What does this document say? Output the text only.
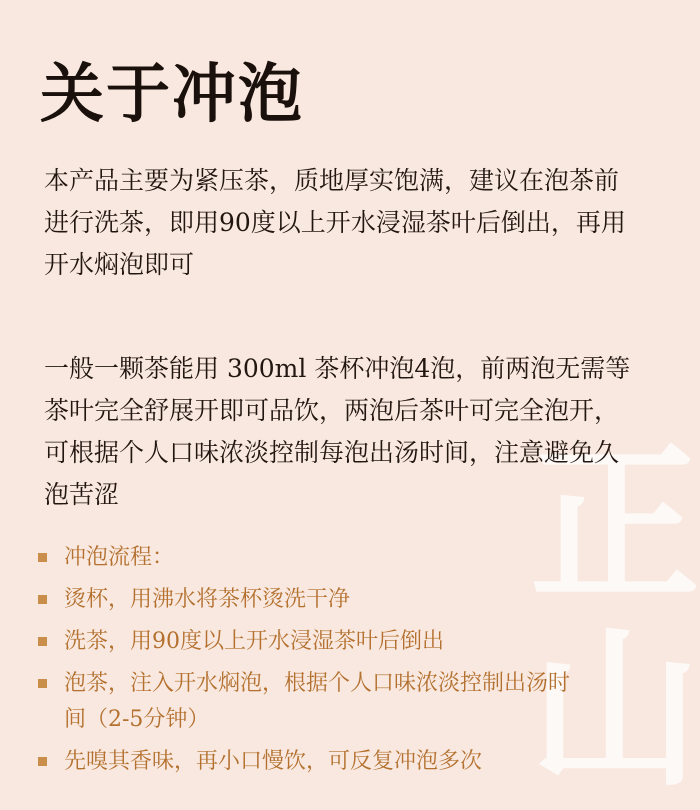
正
山
关于冲泡

本产品主要为紧压茶，质地厚实饱满，建议在泡茶前进行洗茶，即用90度以上开水浸湿茶叶后倒出，再用开水焖泡即可

一般一颗茶能用 300ml 茶杯冲泡4泡，前两泡无需等茶叶完全舒展开即可品饮，两泡后茶叶可完全泡开，可根据个人口味浓淡控制每泡出汤时间，注意避免久泡苦涩

冲泡流程：
烫杯，用沸水将茶杯烫洗干净
洗茶，用90度以上开水浸湿茶叶后倒出
泡茶，注入开水焖泡，根据个人口味浓淡控制出汤时间（2-5分钟）
先嗅其香味，再小口慢饮，可反复冲泡多次
